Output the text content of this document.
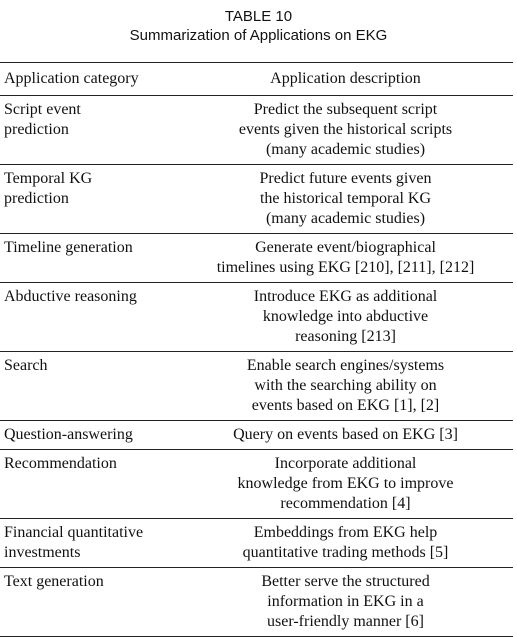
TABLE 10
Summarization of Applications on EKG
Application category	Application description

Script event
prediction	Predict the subsequent script
events given the historical scripts
(many academic studies)

Temporal KG
prediction	Predict future events given
the historical temporal KG
(many academic studies)

Timeline generation	Generate event/biographical
timelines using EKG [210], [211], [212]

Abductive reasoning	Introduce EKG as additional
knowledge into abductive
reasoning [213]

Search	Enable search engines/systems
with the searching ability on
events based on EKG [1], [2]

Question-answering	Query on events based on EKG [3]

Recommendation	Incorporate additional
knowledge from EKG to improve
recommendation [4]

Financial quantitative
investments	Embeddings from EKG help
quantitative trading methods [5]

Text generation	Better serve the structured
information in EKG in a
user-friendly manner [6]
